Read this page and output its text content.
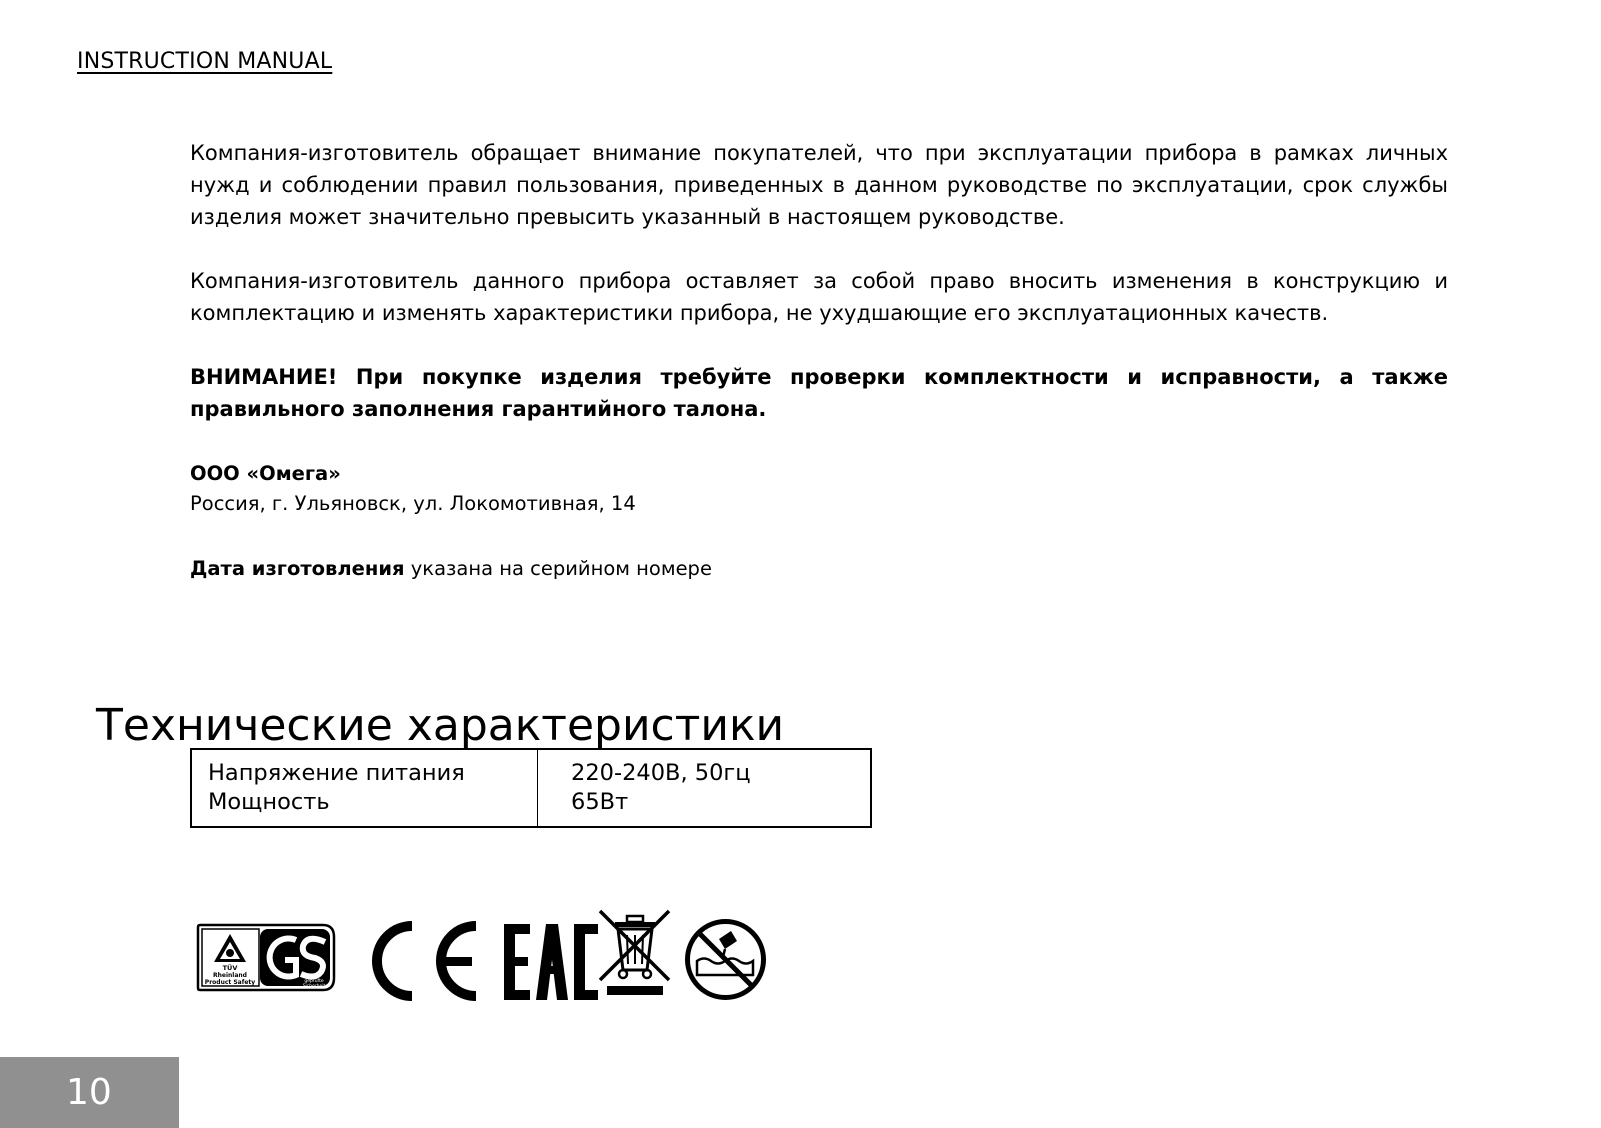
INSTRUCTION MANUAL
Компания-изготовитель обращает внимание покупателей, что при эксплуатации прибора в рамках личных нужд и соблюдении правил пользования, приведенных в данном руководстве по эксплуатации, срок службы изделия может значительно превысить указанный в настоящем руководстве.
Компания-изготовитель данного прибора оставляет за собой право вносить изменения в конструкцию и комплектацию и изменять характеристики прибора, не ухудшающие его эксплуатационных качеств.
ВНИМАНИЕ! При покупке изделия требуйте проверки комплектности и исправности, а также правильного заполнения гарантийного талона.
ООО «Омега»
Россия, г. Ульяновск, ул. Локомотивная, 14
Дата изготовления указана на серийном номере
Технические характеристики
Напряжение питания
Мощность
220-240В, 50гц
65Вт
TÜV
Rheinland
Product Safety	geprüfte
Sicherheit
10
